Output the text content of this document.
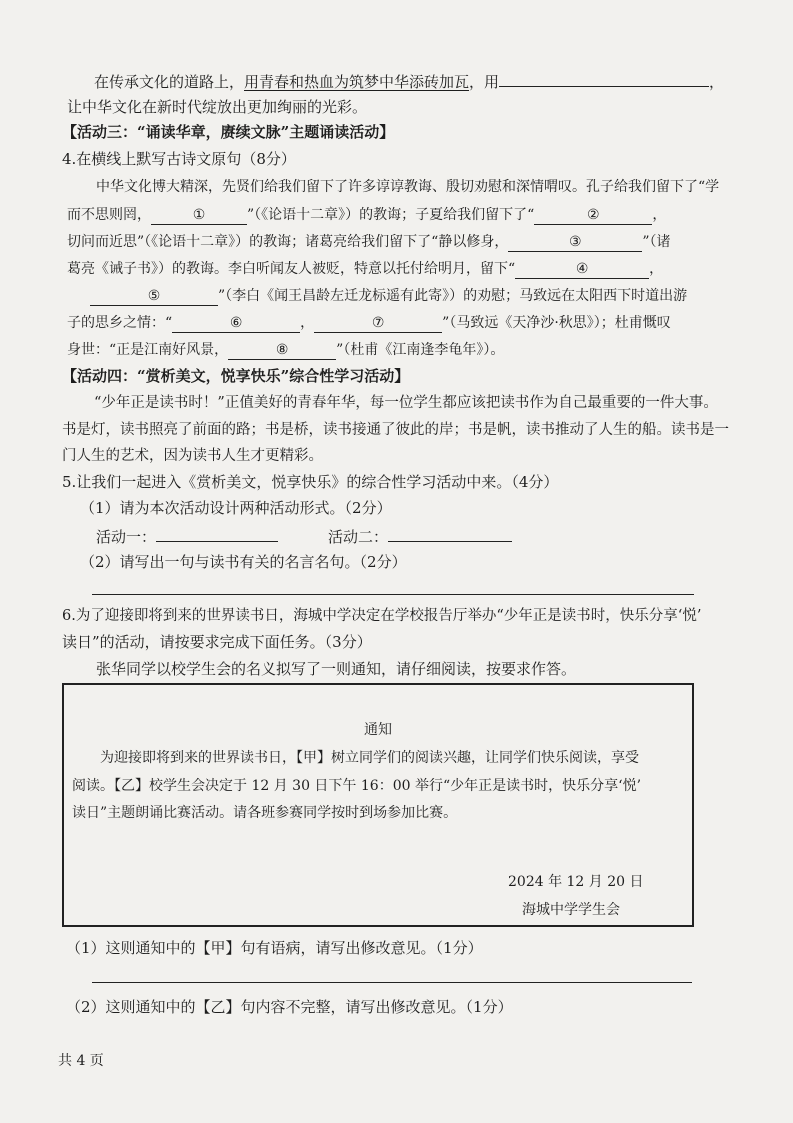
在传承文化的道路上，用青春和热血为筑梦中华添砖加瓦，用	，
让中华文化在新时代绽放出更加绚丽的光彩。
【活动三：“诵读华章，赓续文脉”主题诵读活动】
4.在横线上默写古诗文原句（8分）
中华文化博大精深，先贤们给我们留下了许多谆谆教诲、殷切劝慰和深情喟叹。孔子给我们留下了“学
而不思则罔，	①	”（《论语十二章》）的教诲；子夏给我们留下了“	②	，
切问而近思”（《论语十二章》）的教诲；诸葛亮给我们留下了“静以修身，	③	”（诸
葛亮《诫子书》）的教诲。李白听闻友人被贬，特意以托付给明月，留下“	④	，
⑤	”（李白《闻王昌龄左迁龙标遥有此寄》）的劝慰；马致远在太阳西下时道出游
子的思乡之情：“	⑥	，	⑦	”（马致远《天净沙·秋思》）；杜甫慨叹
身世：“正是江南好风景，	⑧	”（杜甫《江南逢李龟年》）。
【活动四：“赏析美文，悦享快乐”综合性学习活动】
“少年正是读书时！”正值美好的青春年华，每一位学生都应该把读书作为自己最重要的一件大事。
书是灯，读书照亮了前面的路；书是桥，读书接通了彼此的岸；书是帆，读书推动了人生的船。读书是一
门人生的艺术，因为读书人生才更精彩。
5.让我们一起进入《赏析美文，悦享快乐》的综合性学习活动中来。（4分）
（1）请为本次活动设计两种活动形式。（2分）
活动一：	活动二：
（2）请写出一句与读书有关的名言名句。（2分）
6.为了迎接即将到来的世界读书日，海城中学决定在学校报告厅举办“少年正是读书时，快乐分享‘悦’
读日”的活动，请按要求完成下面任务。（3分）
张华同学以校学生会的名义拟写了一则通知，请仔细阅读，按要求作答。
通知
为迎接即将到来的世界读书日，【甲】树立同学们的阅读兴趣，让同学们快乐阅读，享受
阅读。【乙】校学生会决定于 12 月 30 日下午 16：00 举行“少年正是读书时，快乐分享‘悦’
读日”主题朗诵比赛活动。请各班参赛同学按时到场参加比赛。
2024 年 12 月 20 日
海城中学学生会
（1）这则通知中的【甲】句有语病，请写出修改意见。（1分）
（2）这则通知中的【乙】句内容不完整，请写出修改意见。（1分）
共 4 页
